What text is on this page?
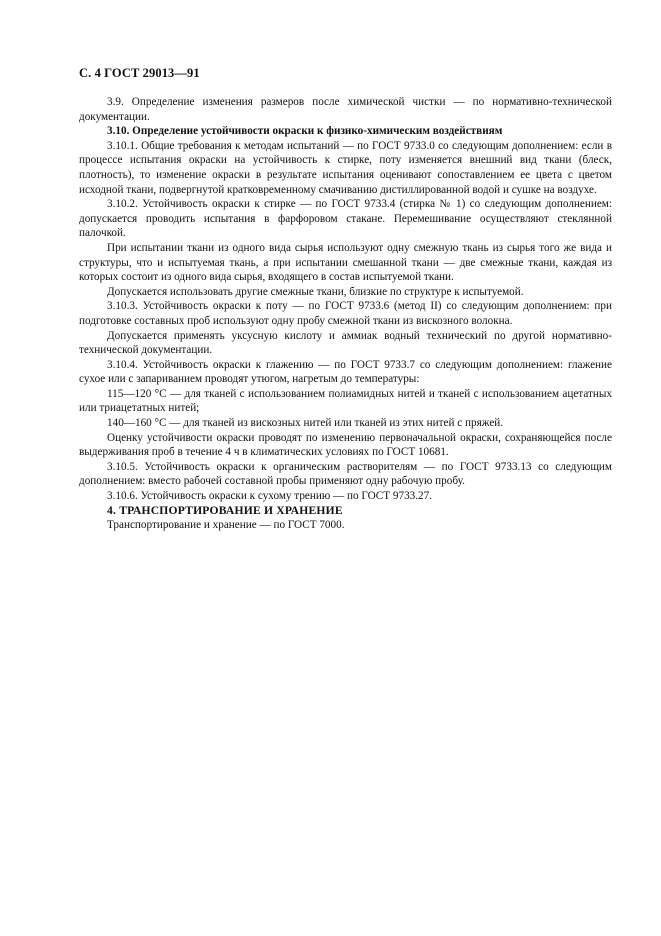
С. 4 ГОСТ 29013—91

3.9. Определение изменения размеров после химической чистки — по нормативно-технической документации.

3.10. Определение устойчивости окраски к физико-химическим воздействиям

3.10.1. Общие требования к методам испытаний — по ГОСТ 9733.0 со следующим дополнением: если в процессе испытания окраски на устойчивость к стирке, поту изменяется внешний вид ткани (блеск, плотность), то изменение окраски в результате испытания оценивают сопоставлением ее цвета с цветом исходной ткани, подвергнутой кратковременному смачиванию дистиллированной водой и сушке на воздухе.

3.10.2. Устойчивость окраски к стирке — по ГОСТ 9733.4 (стирка № 1) со следующим дополнением: допускается проводить испытания в фарфоровом стакане. Перемешивание осуществляют стеклянной палочкой.

При испытании ткани из одного вида сырья используют одну смежную ткань из сырья того же вида и структуры, что и испытуемая ткань, а при испытании смешанной ткани — две смежные ткани, каждая из которых состоит из одного вида сырья, входящего в состав испытуемой ткани.

Допускается использовать другие смежные ткани, близкие по структуре к испытуемой.

3.10.3. Устойчивость окраски к поту — по ГОСТ 9733.6 (метод II) со следующим дополнением: при подготовке составных проб используют одну пробу смежной ткани из вискозного волокна.

Допускается применять уксусную кислоту и аммиак водный технический по другой нормативно-технической документации.

3.10.4. Устойчивость окраски к глажению — по ГОСТ 9733.7 со следующим дополнением: глажение сухое или с запариванием проводят утюгом, нагретым до температуры:

115—120 °С — для тканей с использованием полиамидных нитей и тканей с использованием ацетатных или триацетатных нитей;

140—160 °С — для тканей из вискозных нитей или тканей из этих нитей с пряжей.

Оценку устойчивости окраски проводят по изменению первоначальной окраски, сохраняющейся после выдерживания проб в течение 4 ч в климатических условиях по ГОСТ 10681.

3.10.5. Устойчивость окраски к органическим растворителям — по ГОСТ 9733.13 со следующим дополнением: вместо рабочей составной пробы применяют одну рабочую пробу.

3.10.6. Устойчивость окраски к сухому трению — по ГОСТ 9733.27.

4. ТРАНСПОРТИРОВАНИЕ И ХРАНЕНИЕ

Транспортирование и хранение — по ГОСТ 7000.
